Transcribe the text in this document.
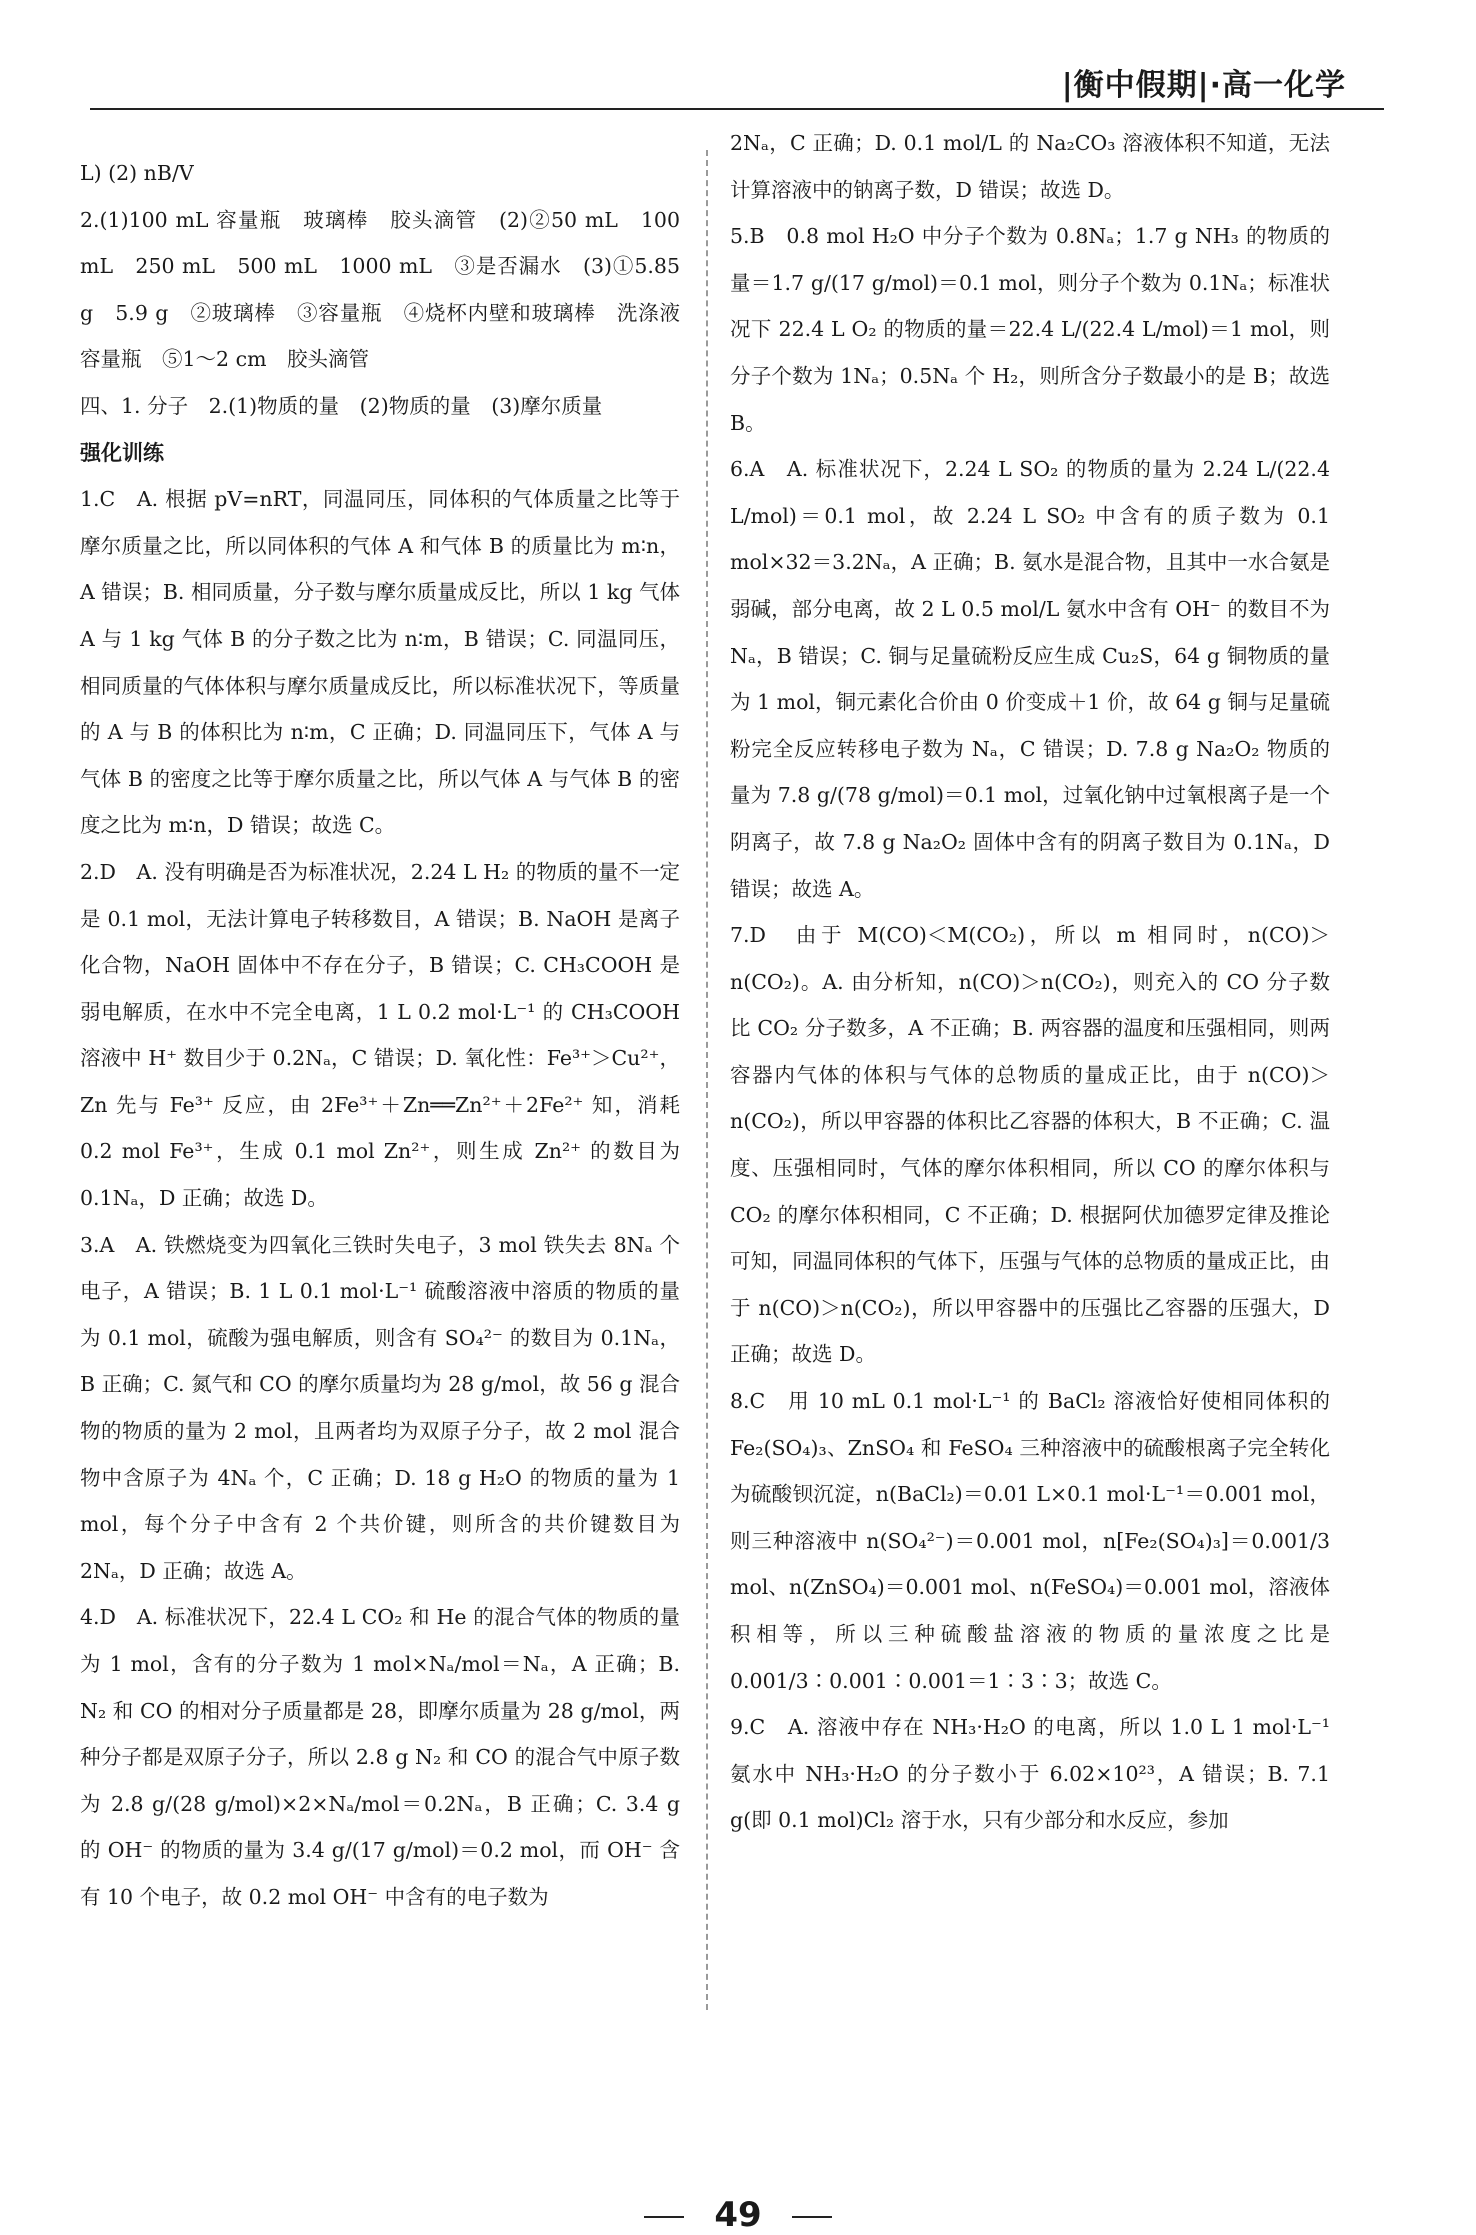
|衡中假期|·高一化学

L) (2) nB/V

2.(1)100 mL 容量瓶　玻璃棒　胶头滴管　(2)②50 mL　100 mL　250 mL　500 mL　1000 mL　③是否漏水　(3)①5.85 g　5.9 g　②玻璃棒　③容量瓶　④烧杯内壁和玻璃棒　洗涤液　容量瓶　⑤1～2 cm　胶头滴管

四、1. 分子　2.(1)物质的量　(2)物质的量　(3)摩尔质量

强化训练

1.C　A. 根据 pV=nRT，同温同压，同体积的气体质量之比等于摩尔质量之比，所以同体积的气体 A 和气体 B 的质量比为 m∶n，A 错误；B. 相同质量，分子数与摩尔质量成反比，所以 1 kg 气体 A 与 1 kg 气体 B 的分子数之比为 n∶m，B 错误；C. 同温同压，相同质量的气体体积与摩尔质量成反比，所以标准状况下，等质量的 A 与 B 的体积比为 n∶m，C 正确；D. 同温同压下，气体 A 与气体 B 的密度之比等于摩尔质量之比，所以气体 A 与气体 B 的密度之比为 m∶n，D 错误；故选 C。

2.D　A. 没有明确是否为标准状况，2.24 L H₂ 的物质的量不一定是 0.1 mol，无法计算电子转移数目，A 错误；B. NaOH 是离子化合物，NaOH 固体中不存在分子，B 错误；C. CH₃COOH 是弱电解质，在水中不完全电离，1 L 0.2 mol·L⁻¹ 的 CH₃COOH 溶液中 H⁺ 数目少于 0.2Nₐ，C 错误；D. 氧化性：Fe³⁺＞Cu²⁺，Zn 先与 Fe³⁺ 反应，由 2Fe³⁺＋Zn══Zn²⁺＋2Fe²⁺ 知，消耗 0.2 mol Fe³⁺，生成 0.1 mol Zn²⁺，则生成 Zn²⁺ 的数目为 0.1Nₐ，D 正确；故选 D。

3.A　A. 铁燃烧变为四氧化三铁时失电子，3 mol 铁失去 8Nₐ 个电子，A 错误；B. 1 L 0.1 mol·L⁻¹ 硫酸溶液中溶质的物质的量为 0.1 mol，硫酸为强电解质，则含有 SO₄²⁻ 的数目为 0.1Nₐ，B 正确；C. 氮气和 CO 的摩尔质量均为 28 g/mol，故 56 g 混合物的物质的量为 2 mol，且两者均为双原子分子，故 2 mol 混合物中含原子为 4Nₐ 个，C 正确；D. 18 g H₂O 的物质的量为 1 mol，每个分子中含有 2 个共价键，则所含的共价键数目为 2Nₐ，D 正确；故选 A。

4.D　A. 标准状况下，22.4 L CO₂ 和 He 的混合气体的物质的量为 1 mol，含有的分子数为 1 mol×Nₐ/mol＝Nₐ，A 正确；B. N₂ 和 CO 的相对分子质量都是 28，即摩尔质量为 28 g/mol，两种分子都是双原子分子，所以 2.8 g N₂ 和 CO 的混合气中原子数为 2.8 g/(28 g/mol)×2×Nₐ/mol＝0.2Nₐ，B 正确；C. 3.4 g 的 OH⁻ 的物质的量为 3.4 g/(17 g/mol)＝0.2 mol，而 OH⁻ 含有 10 个电子，故 0.2 mol OH⁻ 中含有的电子数为

2Nₐ，C 正确；D. 0.1 mol/L 的 Na₂CO₃ 溶液体积不知道，无法计算溶液中的钠离子数，D 错误；故选 D。

5.B　0.8 mol H₂O 中分子个数为 0.8Nₐ；1.7 g NH₃ 的物质的量＝1.7 g/(17 g/mol)＝0.1 mol，则分子个数为 0.1Nₐ；标准状况下 22.4 L O₂ 的物质的量＝22.4 L/(22.4 L/mol)＝1 mol，则分子个数为 1Nₐ；0.5Nₐ 个 H₂，则所含分子数最小的是 B；故选 B。

6.A　A. 标准状况下，2.24 L SO₂ 的物质的量为 2.24 L/(22.4 L/mol)＝0.1 mol，故 2.24 L SO₂ 中含有的质子数为 0.1 mol×32＝3.2Nₐ，A 正确；B. 氨水是混合物，且其中一水合氨是弱碱，部分电离，故 2 L 0.5 mol/L 氨水中含有 OH⁻ 的数目不为 Nₐ，B 错误；C. 铜与足量硫粉反应生成 Cu₂S，64 g 铜物质的量为 1 mol，铜元素化合价由 0 价变成＋1 价，故 64 g 铜与足量硫粉完全反应转移电子数为 Nₐ，C 错误；D. 7.8 g Na₂O₂ 物质的量为 7.8 g/(78 g/mol)＝0.1 mol，过氧化钠中过氧根离子是一个阴离子，故 7.8 g Na₂O₂ 固体中含有的阴离子数目为 0.1Nₐ，D 错误；故选 A。

7.D　由于 M(CO)＜M(CO₂)，所以 m 相同时，n(CO)＞n(CO₂)。A. 由分析知，n(CO)＞n(CO₂)，则充入的 CO 分子数比 CO₂ 分子数多，A 不正确；B. 两容器的温度和压强相同，则两容器内气体的体积与气体的总物质的量成正比，由于 n(CO)＞n(CO₂)，所以甲容器的体积比乙容器的体积大，B 不正确；C. 温度、压强相同时，气体的摩尔体积相同，所以 CO 的摩尔体积与 CO₂ 的摩尔体积相同，C 不正确；D. 根据阿伏加德罗定律及推论可知，同温同体积的气体下，压强与气体的总物质的量成正比，由于 n(CO)＞n(CO₂)，所以甲容器中的压强比乙容器的压强大，D 正确；故选 D。

8.C　用 10 mL 0.1 mol·L⁻¹ 的 BaCl₂ 溶液恰好使相同体积的 Fe₂(SO₄)₃、ZnSO₄ 和 FeSO₄ 三种溶液中的硫酸根离子完全转化为硫酸钡沉淀，n(BaCl₂)＝0.01 L×0.1 mol·L⁻¹＝0.001 mol，则三种溶液中 n(SO₄²⁻)＝0.001 mol，n[Fe₂(SO₄)₃]＝0.001/3 mol、n(ZnSO₄)＝0.001 mol、n(FeSO₄)＝0.001 mol，溶液体积相等，所以三种硫酸盐溶液的物质的量浓度之比是 0.001/3∶0.001∶0.001＝1∶3∶3；故选 C。

9.C　A. 溶液中存在 NH₃·H₂O 的电离，所以 1.0 L 1 mol·L⁻¹ 氨水中 NH₃·H₂O 的分子数小于 6.02×10²³，A 错误；B. 7.1 g(即 0.1 mol)Cl₂ 溶于水，只有少部分和水反应，参加

49
